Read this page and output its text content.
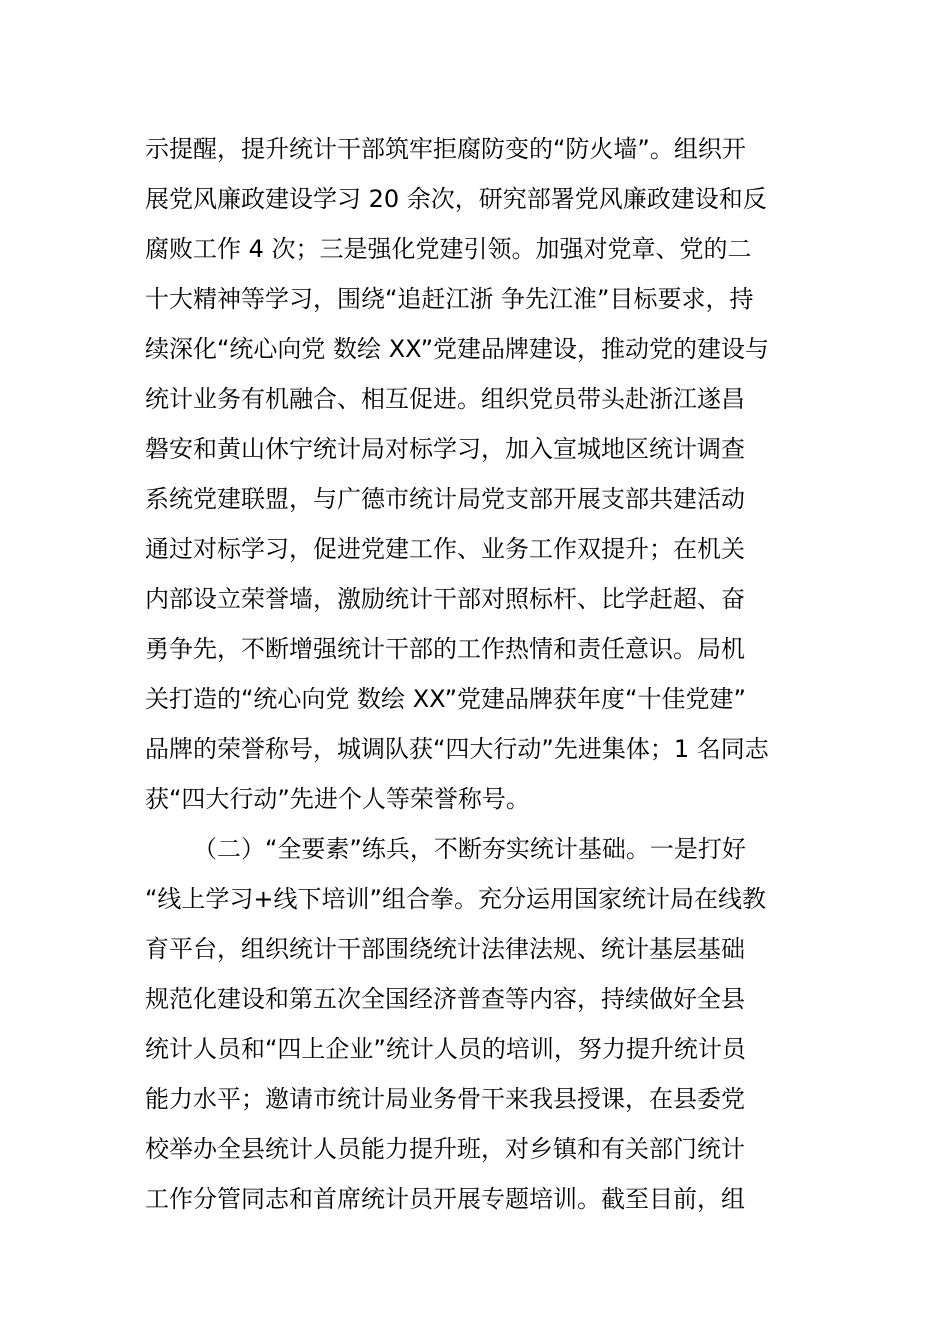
示提醒，提升统计干部筑牢拒腐防变的“防火墙”。组织开
展党风廉政建设学习 20 余次，研究部署党风廉政建设和反
腐败工作 4 次；三是强化党建引领。加强对党章、党的二
十大精神等学习，围绕“追赶江浙 争先江淮”目标要求，持
续深化“统心向党 数绘 XX”党建品牌建设，推动党的建设与
统计业务有机融合、相互促进。组织党员带头赴浙江遂昌
磐安和黄山休宁统计局对标学习，加入宣城地区统计调查
系统党建联盟，与广德市统计局党支部开展支部共建活动
通过对标学习，促进党建工作、业务工作双提升；在机关
内部设立荣誉墙，激励统计干部对照标杆、比学赶超、奋
勇争先，不断增强统计干部的工作热情和责任意识。局机
关打造的“统心向党 数绘 XX”党建品牌获年度“十佳党建”
品牌的荣誉称号，城调队获“四大行动”先进集体；1 名同志
获“四大行动”先进个人等荣誉称号。
（二）“全要素”练兵，不断夯实统计基础。一是打好
“线上学习+线下培训”组合拳。充分运用国家统计局在线教
育平台，组织统计干部围绕统计法律法规、统计基层基础
规范化建设和第五次全国经济普查等内容，持续做好全县
统计人员和“四上企业”统计人员的培训，努力提升统计员
能力水平；邀请市统计局业务骨干来我县授课，在县委党
校举办全县统计人员能力提升班，对乡镇和有关部门统计
工作分管同志和首席统计员开展专题培训。截至目前，组
